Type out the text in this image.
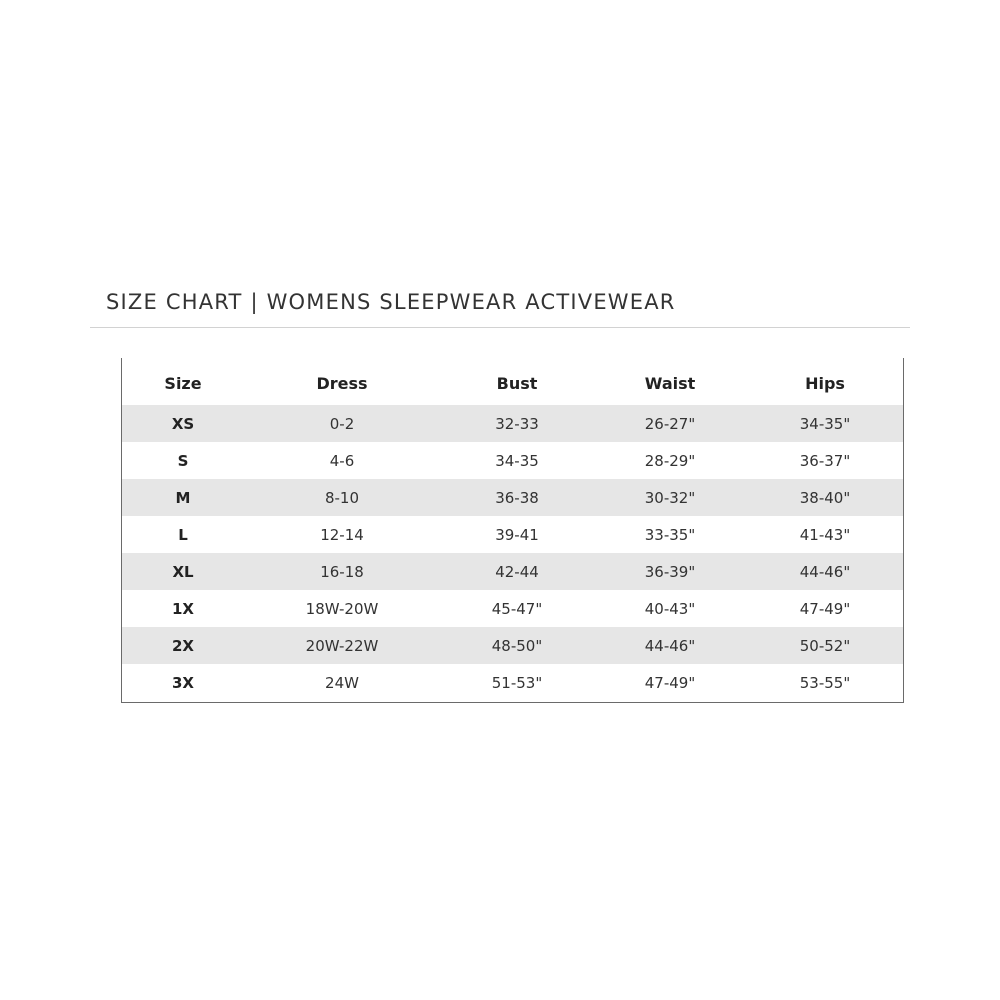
SIZE CHART | WOMENS SLEEPWEAR ACTIVEWEAR
Size	Dress	Bust	Waist	Hips
XS	0-2	32-33	26-27"	34-35"
S	4-6	34-35	28-29"	36-37"
M	8-10	36-38	30-32"	38-40"
L	12-14	39-41	33-35"	41-43"
XL	16-18	42-44	36-39"	44-46"
1X	18W-20W	45-47"	40-43"	47-49"
2X	20W-22W	48-50"	44-46"	50-52"
3X	24W	51-53"	47-49"	53-55"
